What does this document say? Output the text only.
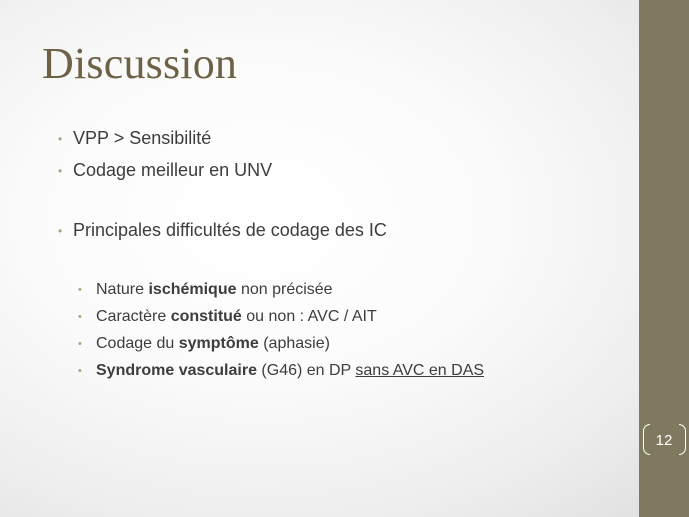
Discussion
• VPP > Sensibilité
• Codage meilleur en UNV
• Principales difficultés de codage des IC
• Nature ischémique non précisée
• Caractère constitué ou non : AVC / AIT
• Codage du symptôme (aphasie)
• Syndrome vasculaire (G46) en DP sans AVC en DAS
12
